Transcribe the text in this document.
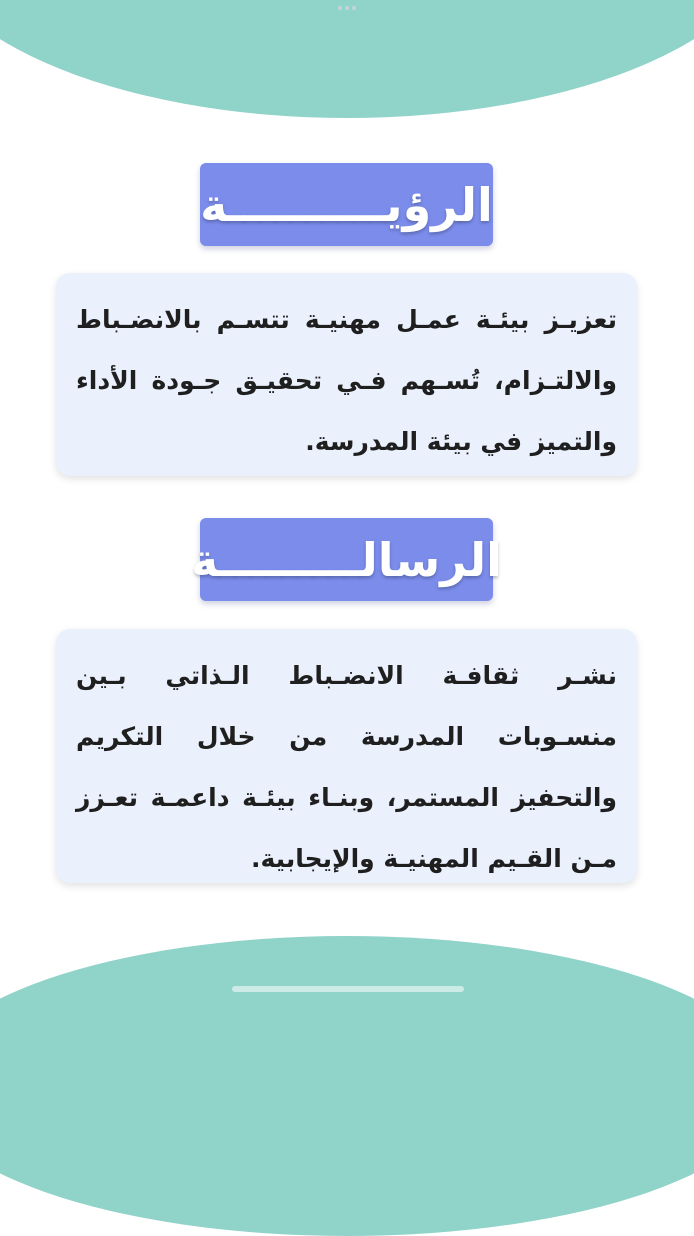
الرؤيــــــــــة
تعزيـز بيئـة عمـل مهنيـة تتسـم بالانضـباط والالتـزام، تُسـهم فـي تحقيـق جـودة الأداء والتميز في بيئة المدرسة.
الرسالـــــــــة
نشـر ثقافـة الانضـباط الـذاتي بـين منسـوبات المدرسة من خلال التكريم والتحفيز المستمر، وبنـاء بيئـة داعمـة تعـزز مـن القـيم المهنيـة والإيجابية.
